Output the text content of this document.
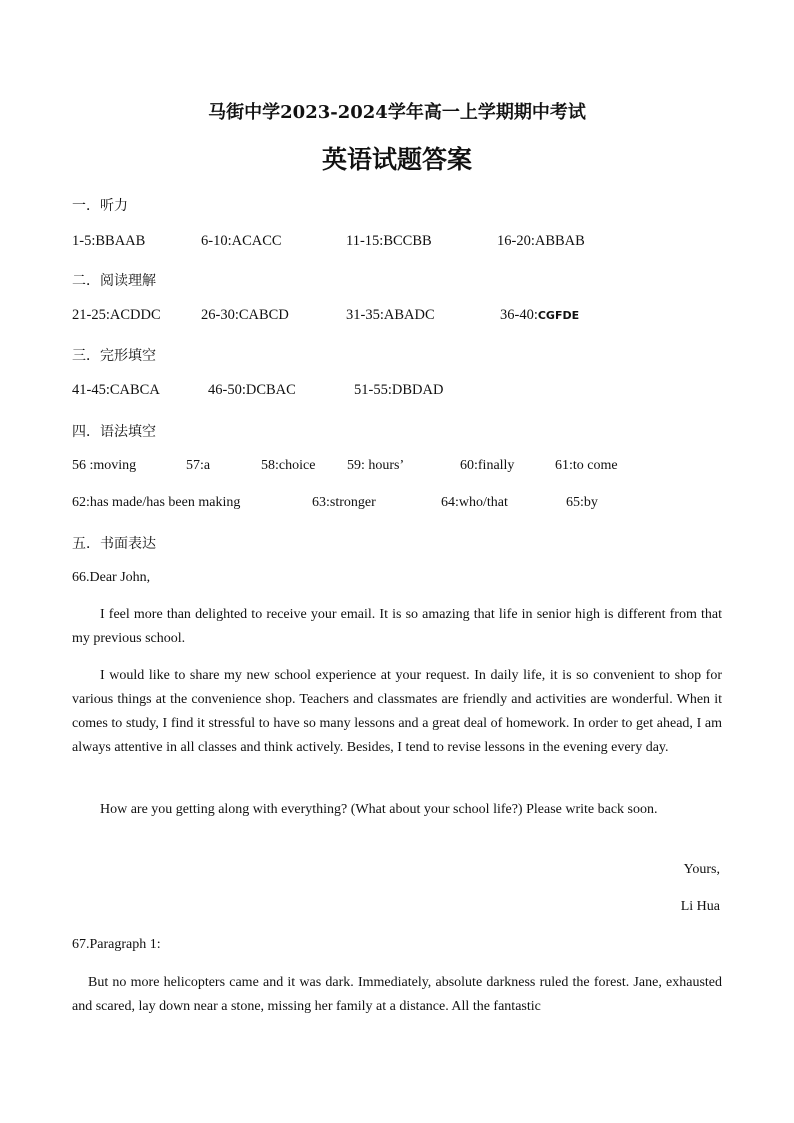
马街中学2023-2024学年高一上学期期中考试
英语试题答案
一．听力
1-5:BBAAB	6-10:ACACC	11-15:BCCBB	16-20:ABBAB
二．阅读理解
21-25:ACDDC	26-30:CABCD	31-35:ABADC	36-40:CGFDE
三．完形填空
41-45:CABCA	46-50:DCBAC	51-55:DBDAD
四．语法填空
56 :moving	57:a	58:choice 59: hours’	60:finally	61:to come
62:has made/has been making	63:stronger	64:who/that	65:by
五．书面表达
66.Dear John,
I feel more than delighted to receive your email. It is so amazing that life in senior high is different from that my previous school.
I would like to share my new school experience at your request. In daily life, it is so convenient to shop for various things at the convenience shop. Teachers and classmates are friendly and activities are wonderful. When it comes to study, I find it stressful to have so many lessons and a great deal of homework. In order to get ahead, I am always attentive in all classes and think actively. Besides, I tend to revise lessons in the evening every day.
How are you getting along with everything? (What about your school life?) Please write back soon.
Yours,
Li Hua
67.Paragraph 1:
But no more helicopters came and it was dark. Immediately, absolute darkness ruled the forest. Jane, exhausted and scared, lay down near a stone, missing her family at a distance. All the fantastic
